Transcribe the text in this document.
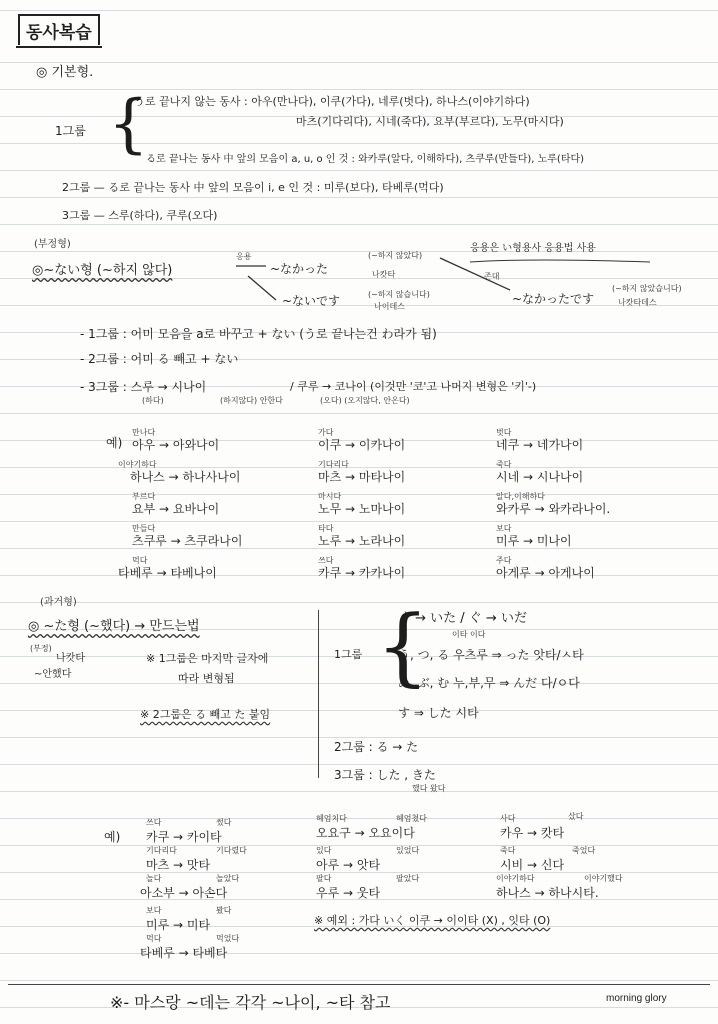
동사복습
◎ 기본형.
{
1그룹
う로 끝나지 않는 동사 : 아우(만나다), 이쿠(가다), 네루(벗다), 하나스(이야기하다)
마츠(기다리다), 시네(죽다), 요부(부르다), 노무(마시다)
る로 끝나는 동사 中 앞의 모음이 a, u, o 인 것 : 와카루(알다, 이해하다), 츠쿠루(만들다), 노루(타다)
2그룹 — る로 끝나는 동사 中 앞의 모음이 i, e 인 것 : 미루(보다), 타베루(먹다)
3그룹 — 스루(하다), 쿠루(오다)
(부정형)
◎~ない형 (~하지 않다)
응용
~なかった
(~하지 않았다)
나캇타
~ないです	(~하지 않습니다)
나이데스
응용은 い형용사 응용법 사용
존대
~なかったです
(~하지 않았습니다)
나캇타데스
- 1그룹 : 어미 모음을 a로 바꾸고 + ない (う로 끝나는건 わ라가 됨)
- 2그룹 : 어미 る 빼고 + ない
- 3그룹 : 스루 → 시나이
(하다)	(하지않다) 안한다
/ 쿠루 → 코나이 (이것만 '코'고 나머지 변형은 '키'-)
(오다) (오지않다, 안온다)
예)
만나다
아우 → 아와나이
가다
이쿠 → 이카나이
벗다
네쿠 → 네가나이
이야기하다
하나스 → 하나사나이
기다리다
마츠 → 마타나이
죽다
시네 → 시나나이
부르다
요부 → 요바나이
마시다
노무 → 노마나이
알다,이해하다
와카루 → 와카라나이.
만들다
츠쿠루 → 츠쿠라나이
타다
노루 → 노라나이
보다
미루 → 미나이
먹다
타베루 → 타베나이
쓰다
카쿠 → 카카나이
주다
아게루 → 아게나이
(과거형)
◎ ~た형 (~했다) → 만드는법
(부정)
나캇타
~안했다
※ 1그룹은 마지막 글자에
따라 변형됨
※ 2그룹은 る 빼고 た 붙임
{
1그룹
く → いた / ぐ → いだ
이타 이다
う, つ, る 우츠루 ⇒ った 앗타/ㅅ타
ぬ, ぶ, む 누,부,무 ⇒ んだ 다/ㅇ다
す ⇒ した 시타
2그룹 : る → た
3그룹 : した , きた
했다 왔다
예)
쓰다
카쿠 → 카이타
썼다	헤엄치다
오요구 → 오요이다
헤엄쳤다	사다
카우 → 캇타
샀다
기다리다
마츠 → 맛타
기다렸다	있다
아루 → 앗타
있었다	죽다
시비 → 신다
죽었다
놀다
아소부 → 아손다
놀았다	팔다
우루 → 웃타
팔았다	이야기하다
하나스 → 하나시타.
이야기했다
보다
미루 → 미타
봤다
먹다
타베루 → 타베타
먹었다
※ 예외 : 가다 いく 이쿠 → 이이타 (X) , 잇타 (O)
※- 마스랑 ~데는 각각 ~나이, ~타 참고	morning glory
